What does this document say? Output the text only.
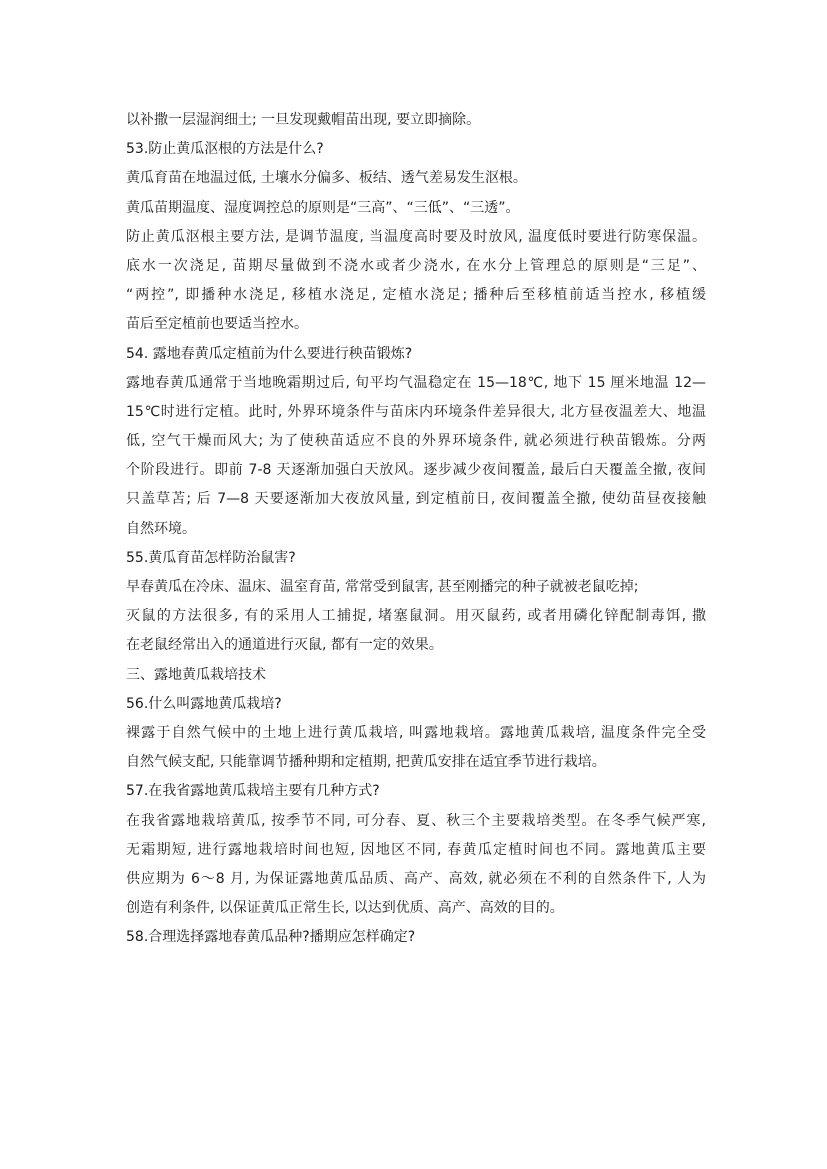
以补撒一层湿润细土; 一旦发现戴帽苗出现, 要立即摘除。
53.防止黄瓜沤根的方法是什么?
黄瓜育苗在地温过低, 土壤水分偏多、板结、透气差易发生沤根。
黄瓜苗期温度、湿度调控总的原则是“三高”、“三低”、“三透”。
防止黄瓜沤根主要方法, 是调节温度, 当温度高时要及时放风, 温度低时要进行防寒保温。
底水一次浇足, 苗期尽量做到不浇水或者少浇水, 在水分上管理总的原则是“三足”、
“两控”, 即播种水浇足, 移植水浇足, 定植水浇足; 播种后至移植前适当控水, 移植缓
苗后至定植前也要适当控水。
54. 露地春黄瓜定植前为什么要进行秧苗锻炼?
露地春黄瓜通常于当地晚霜期过后, 旬平均气温稳定在 15—18℃, 地下 15 厘米地温 12—
15℃时进行定植。此时, 外界环境条件与苗床内环境条件差异很大, 北方昼夜温差大、地温
低, 空气干燥而风大; 为了使秧苗适应不良的外界环境条件, 就必须进行秧苗锻炼。分两
个阶段进行。即前 7-8 天逐渐加强白天放风。逐步减少夜间覆盖, 最后白天覆盖全撤, 夜间
只盖草苫; 后 7—8 天要逐渐加大夜放风量, 到定植前日, 夜间覆盖全撤, 使幼苗昼夜接触
自然环境。
55.黄瓜育苗怎样防治鼠害?
早春黄瓜在冷床、温床、温室育苗, 常常受到鼠害, 甚至刚播完的种子就被老鼠吃掉;
灭鼠的方法很多, 有的采用人工捕捉, 堵塞鼠洞。用灭鼠药, 或者用磷化锌配制毒饵, 撒
在老鼠经常出入的通道进行灭鼠, 都有一定的效果。
三、露地黄瓜栽培技术
56.什么叫露地黄瓜栽培?
裸露于自然气候中的土地上进行黄瓜栽培, 叫露地栽培。露地黄瓜栽培, 温度条件完全受
自然气候支配, 只能靠调节播种期和定植期, 把黄瓜安排在适宜季节进行栽培。
57.在我省露地黄瓜栽培主要有几种方式?
在我省露地栽培黄瓜, 按季节不同, 可分春、夏、秋三个主要栽培类型。在冬季气候严寒,
无霜期短, 进行露地栽培时间也短, 因地区不同, 春黄瓜定植时间也不同。露地黄瓜主要
供应期为 6～8 月, 为保证露地黄瓜品质、高产、高效, 就必须在不利的自然条件下, 人为
创造有利条件, 以保证黄瓜正常生长, 以达到优质、高产、高效的目的。
58.合理选择露地春黄瓜品种?播期应怎样确定?
